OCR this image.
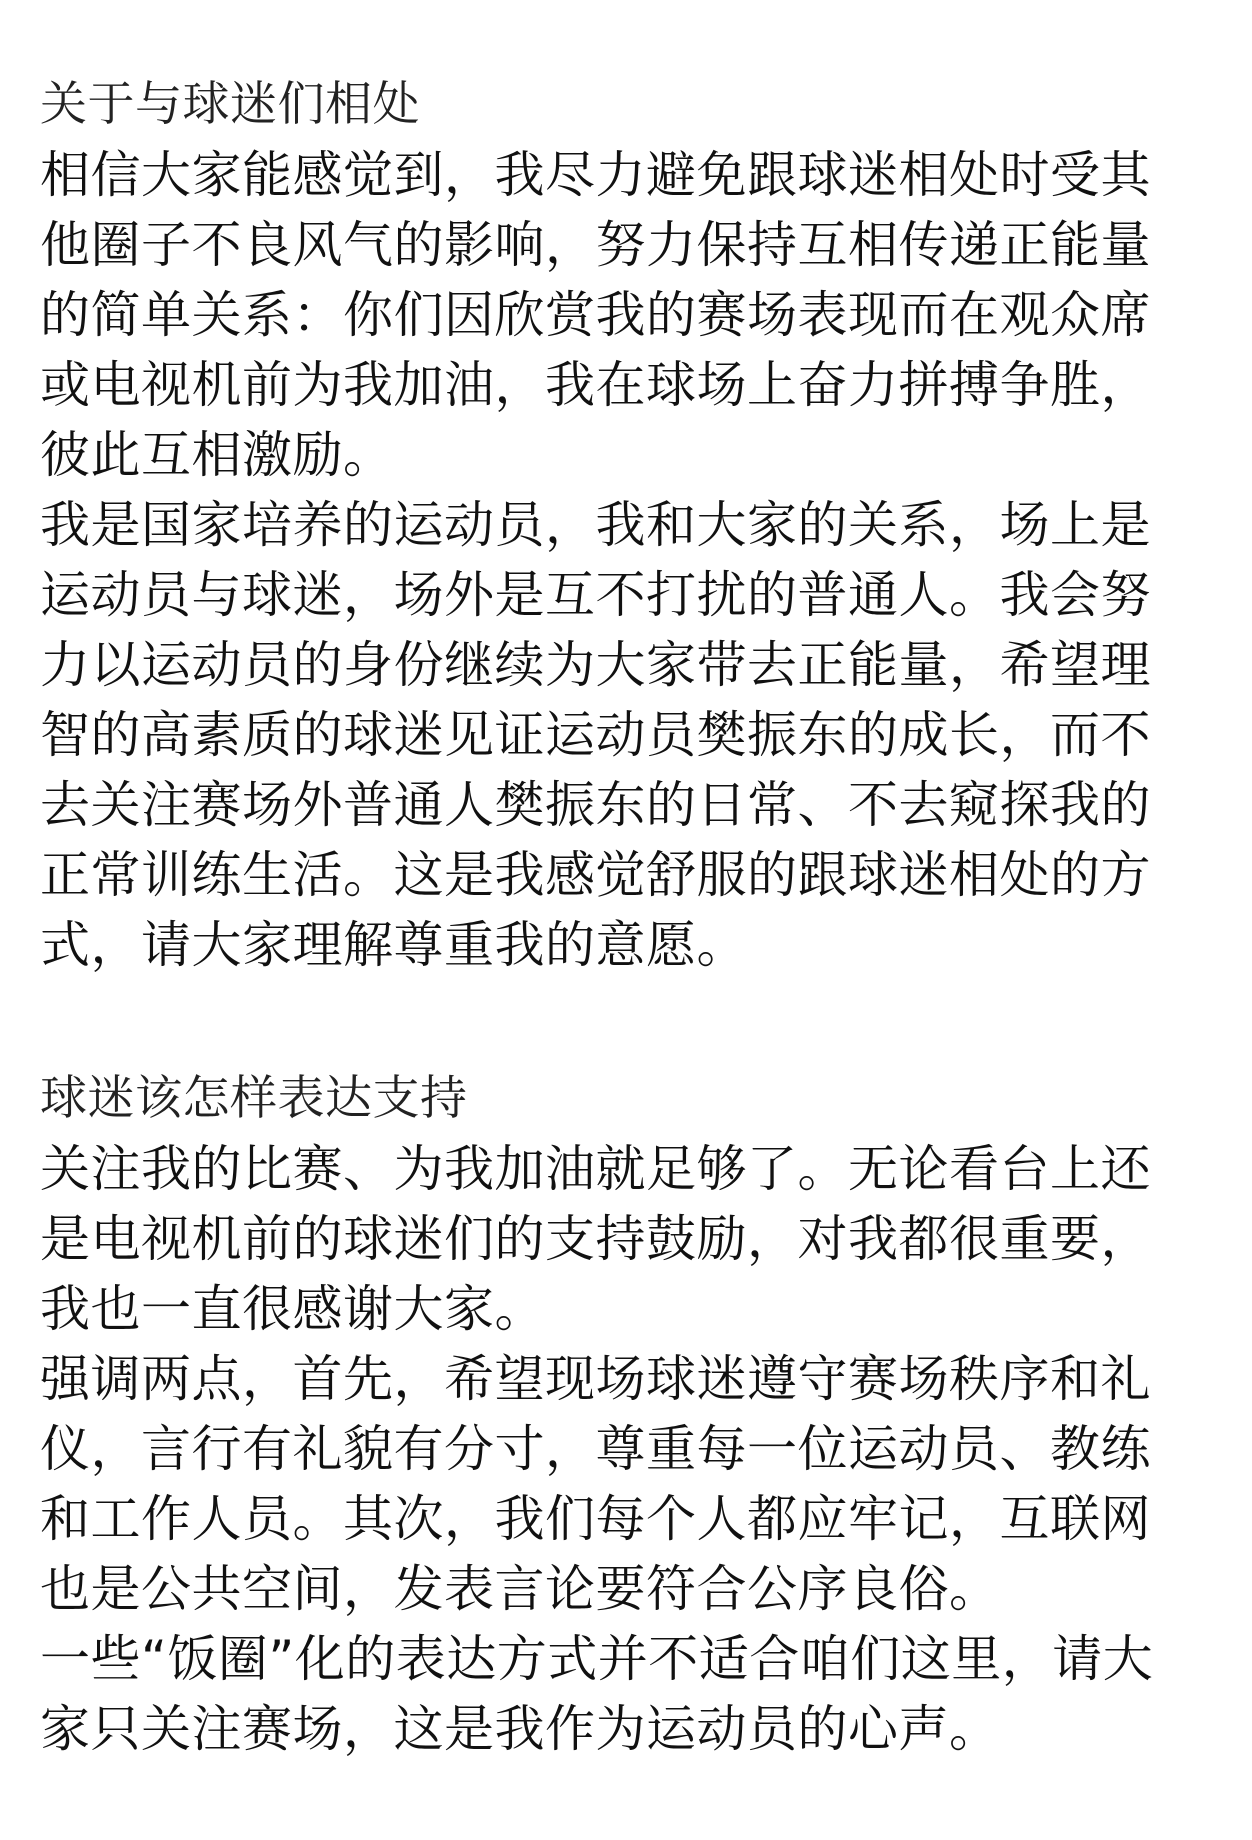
关于与球迷们相处
相信大家能感觉到，我尽力避免跟球迷相处时受其
他圈子不良风气的影响，努力保持互相传递正能量
的简单关系：你们因欣赏我的赛场表现而在观众席
或电视机前为我加油，我在球场上奋力拼搏争胜，
彼此互相激励。
我是国家培养的运动员，我和大家的关系，场上是
运动员与球迷，场外是互不打扰的普通人。我会努
力以运动员的身份继续为大家带去正能量，希望理
智的高素质的球迷见证运动员樊振东的成长，而不
去关注赛场外普通人樊振东的日常、不去窥探我的
正常训练生活。这是我感觉舒服的跟球迷相处的方
式，请大家理解尊重我的意愿。
球迷该怎样表达支持
关注我的比赛、为我加油就足够了。无论看台上还
是电视机前的球迷们的支持鼓励，对我都很重要，
我也一直很感谢大家。
强调两点，首先，希望现场球迷遵守赛场秩序和礼
仪，言行有礼貌有分寸，尊重每一位运动员、教练
和工作人员。其次，我们每个人都应牢记，互联网
也是公共空间，发表言论要符合公序良俗。
一些“饭圈”化的表达方式并不适合咱们这里，请大
家只关注赛场，这是我作为运动员的心声。
